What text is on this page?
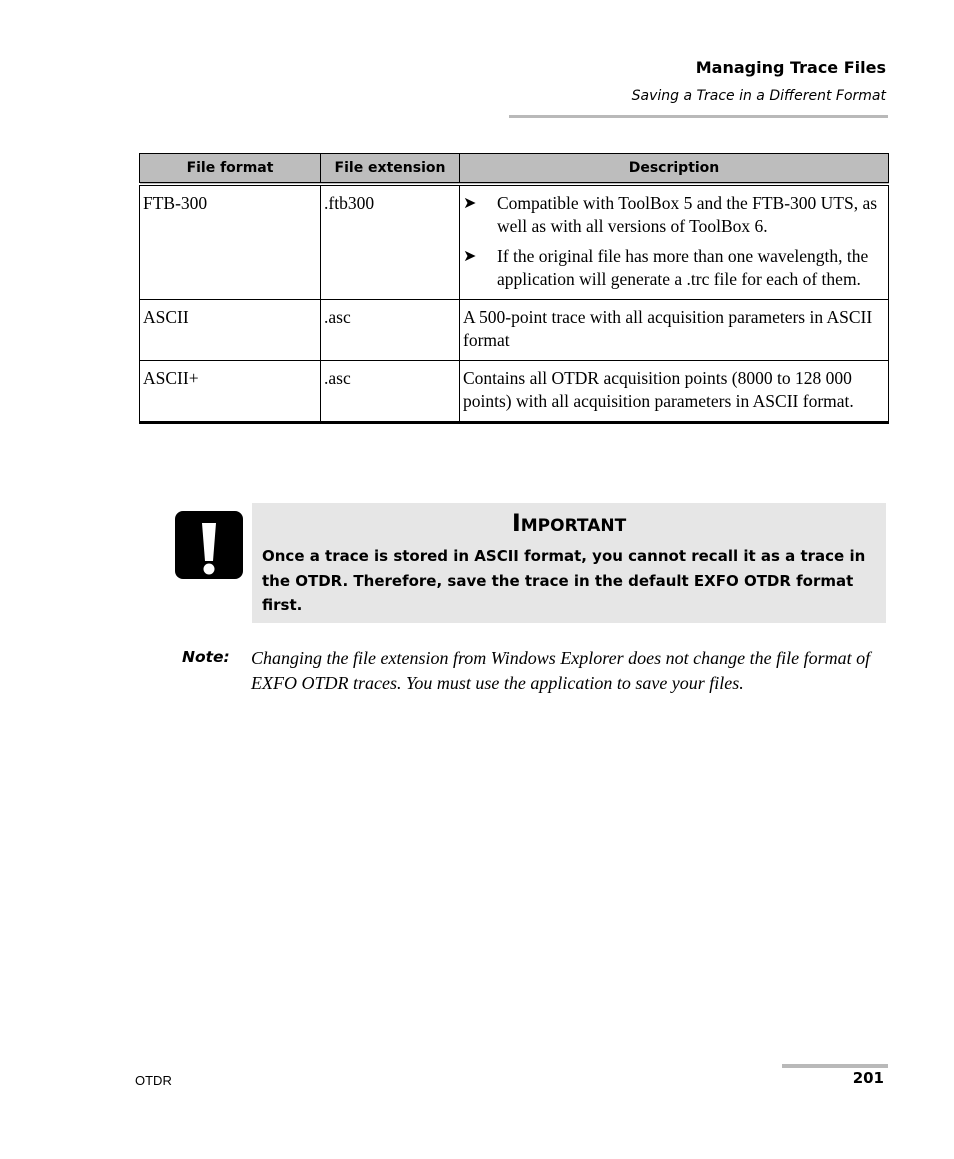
Managing Trace Files
Saving a Trace in a Different Format
File format	File extension	Description
FTB-300	.ftb300	➤ Compatible with ToolBox 5 and the FTB-300 UTS, as well as with all versions of ToolBox 6.
➤ If the original file has more than one wavelength, the application will generate a .trc file for each of them.

ASCII	.asc	A 500-point trace with all acquisition parameters in ASCII format
ASCII+	.asc	Contains all OTDR acquisition points (8000 to 128 000 points) with all acquisition parameters in ASCII format.
Important
Once a trace is stored in ASCII format, you cannot recall it as a trace in the OTDR. Therefore, save the trace in the default EXFO OTDR format first.
Note: Changing the file extension from Windows Explorer does not change the file format of EXFO OTDR traces. You must use the application to save your files.
OTDR	201
